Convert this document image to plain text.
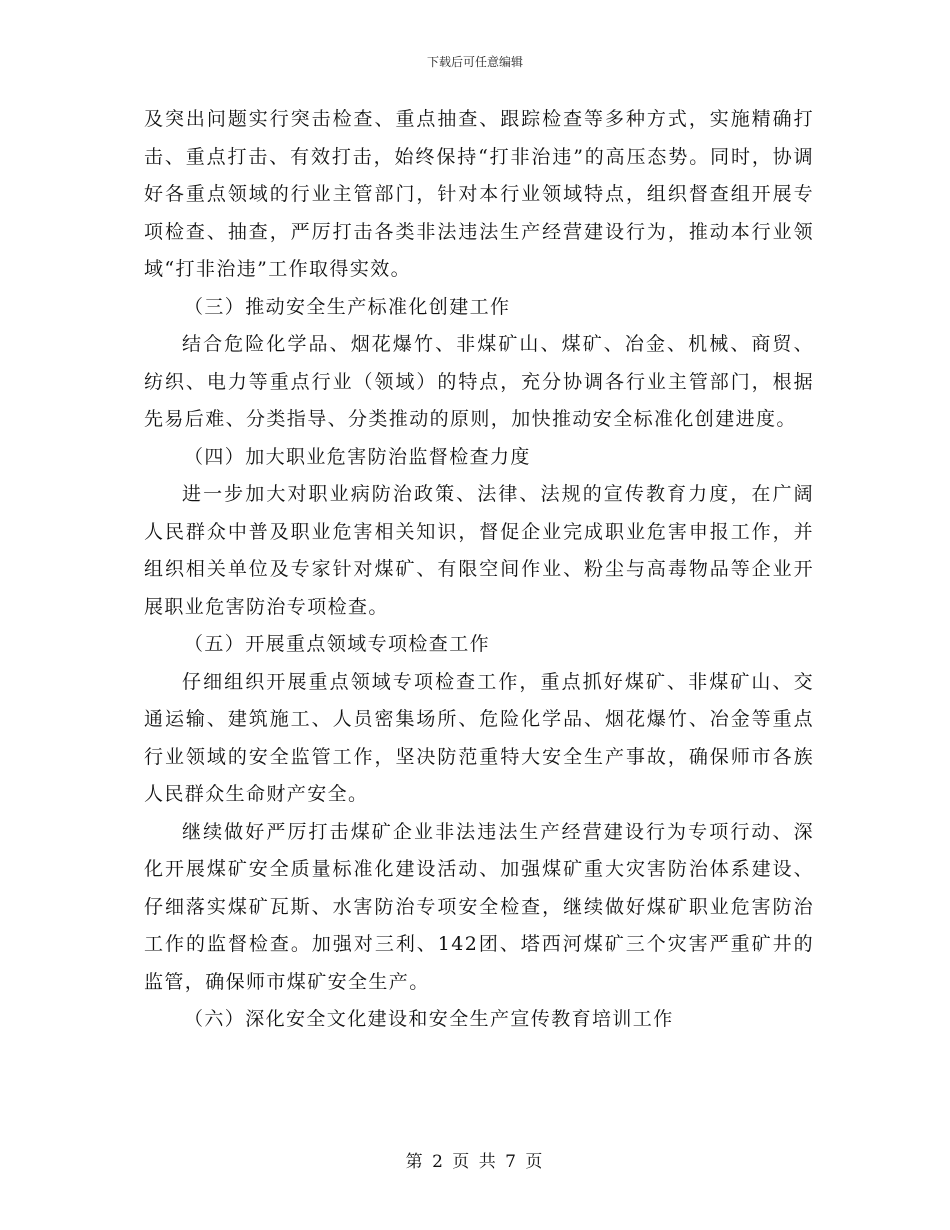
下载后可任意编辑

及突出问题实行突击检查、重点抽查、跟踪检查等多种方式，实施精确打击、重点打击、有效打击，始终保持“打非治违”的高压态势。同时，协调好各重点领域的行业主管部门，针对本行业领域特点，组织督查组开展专项检查、抽查，严厉打击各类非法违法生产经营建设行为，推动本行业领域“打非治违”工作取得实效。

（三）推动安全生产标准化创建工作

结合危险化学品、烟花爆竹、非煤矿山、煤矿、冶金、机械、商贸、纺织、电力等重点行业（领域）的特点，充分协调各行业主管部门，根据先易后难、分类指导、分类推动的原则，加快推动安全标准化创建进度。

（四）加大职业危害防治监督检查力度

进一步加大对职业病防治政策、法律、法规的宣传教育力度，在广阔人民群众中普及职业危害相关知识，督促企业完成职业危害申报工作，并组织相关单位及专家针对煤矿、有限空间作业、粉尘与高毒物品等企业开展职业危害防治专项检查。

（五）开展重点领域专项检查工作

仔细组织开展重点领域专项检查工作，重点抓好煤矿、非煤矿山、交通运输、建筑施工、人员密集场所、危险化学品、烟花爆竹、冶金等重点行业领域的安全监管工作，坚决防范重特大安全生产事故，确保师市各族人民群众生命财产安全。

继续做好严厉打击煤矿企业非法违法生产经营建设行为专项行动、深化开展煤矿安全质量标准化建设活动、加强煤矿重大灾害防治体系建设、仔细落实煤矿瓦斯、水害防治专项安全检查，继续做好煤矿职业危害防治工作的监督检查。加强对三利、142团、塔西河煤矿三个灾害严重矿井的监管，确保师市煤矿安全生产。

（六）深化安全文化建设和安全生产宣传教育培训工作

第 2 页 共 7 页
